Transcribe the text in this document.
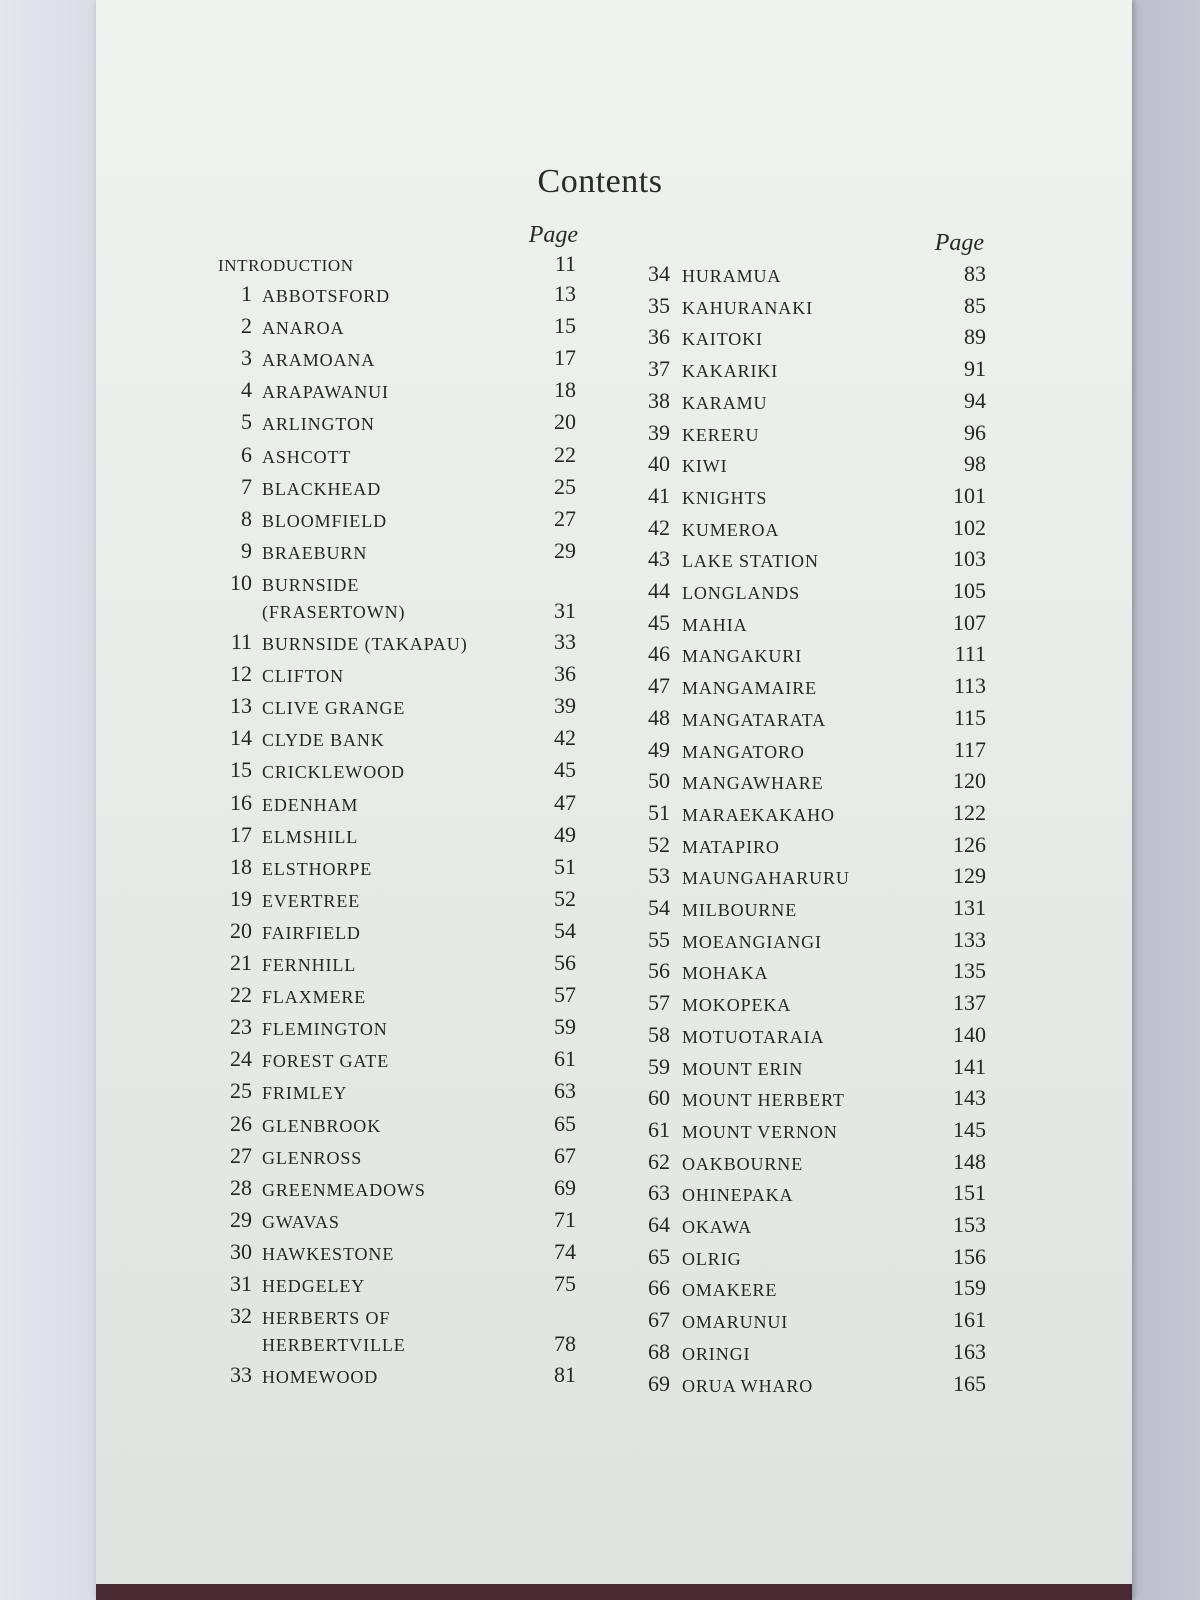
Contents
Page	Page
INTRODUCTION	11
1 ABBOTSFORD	13
2 ANAROA	15
3 ARAMOANA	17
4 ARAPAWANUI	18
5 ARLINGTON	20
6 ASHCOTT	22
7 BLACKHEAD	25
8 BLOOMFIELD	27
9 BRAEBURN	29
10 BURNSIDE
(FRASERTOWN)	31
11 BURNSIDE (TAKAPAU)	33
12 CLIFTON	36
13 CLIVE GRANGE	39
14 CLYDE BANK	42
15 CRICKLEWOOD	45
16 EDENHAM	47
17 ELMSHILL	49
18 ELSTHORPE	51
19 EVERTREE	52
20 FAIRFIELD	54
21 FERNHILL	56
22 FLAXMERE	57
23 FLEMINGTON	59
24 FOREST GATE	61
25 FRIMLEY	63
26 GLENBROOK	65
27 GLENROSS	67
28 GREENMEADOWS	69
29 GWAVAS	71
30 HAWKESTONE	74
31 HEDGELEY	75
32 HERBERTS OF
HERBERTVILLE	78
33 HOMEWOOD	81
34 HURAMUA	83
35 KAHURANAKI	85
36 KAITOKI	89
37 KAKARIKI	91
38 KARAMU	94
39 KERERU	96
40 KIWI	98
41 KNIGHTS	101
42 KUMEROA	102
43 LAKE STATION	103
44 LONGLANDS	105
45 MAHIA	107
46 MANGAKURI	111
47 MANGAMAIRE	113
48 MANGATARATA	115
49 MANGATORO	117
50 MANGAWHARE	120
51 MARAEKAKAHO	122
52 MATAPIRO	126
53 MAUNGAHARURU	129
54 MILBOURNE	131
55 MOEANGIANGI	133
56 MOHAKA	135
57 MOKOPEKA	137
58 MOTUOTARAIA	140
59 MOUNT ERIN	141
60 MOUNT HERBERT	143
61 MOUNT VERNON	145
62 OAKBOURNE	148
63 OHINEPAKA	151
64 OKAWA	153
65 OLRIG	156
66 OMAKERE	159
67 OMARUNUI	161
68 ORINGI	163
69 ORUA WHARO	165
